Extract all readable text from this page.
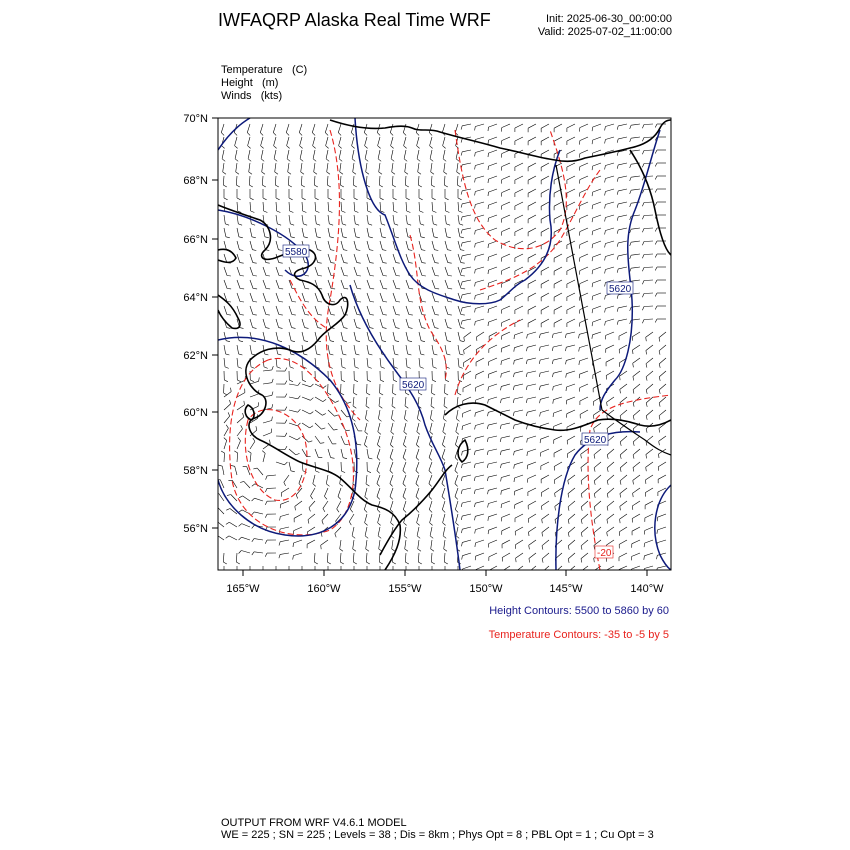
IWFAQRP Alaska Real Time WRF	Init: 2025-06-30_00:00:00
Valid: 2025-07-02_11:00:00
Temperature (C)
Height (m)
Winds (kts)
5580
5620
5620
5620
-20
70°N
68°N
66°N
64°N
62°N
60°N
58°N
56°N
165°W	160°W	155°W	150°W	145°W	140°W
Height Contours: 5500 to 5860 by 60
Temperature Contours: -35 to -5 by 5
OUTPUT FROM WRF V4.6.1 MODEL
WE = 225 ; SN = 225 ; Levels = 38 ; Dis = 8km ; Phys Opt = 8 ; PBL Opt = 1 ; Cu Opt = 3
